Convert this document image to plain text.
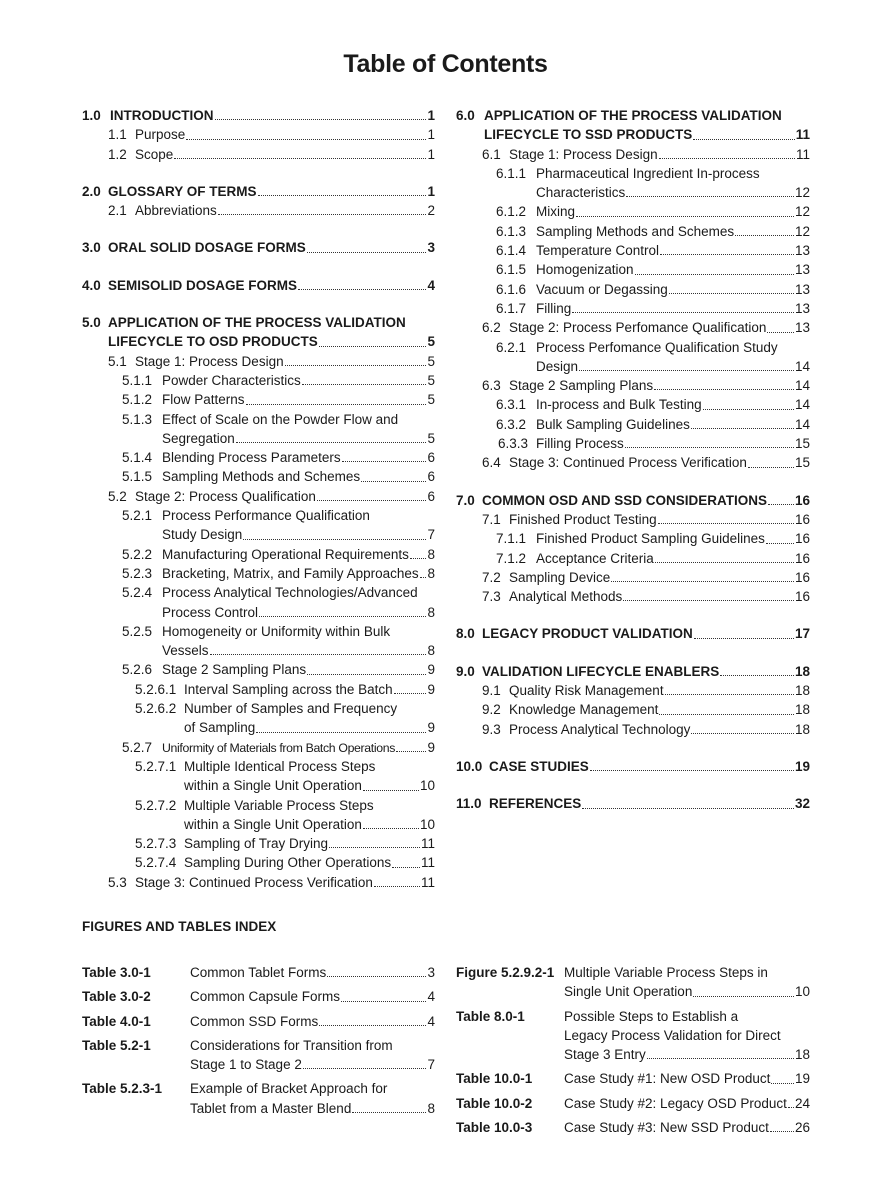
Table of Contents
1.0 INTRODUCTION	1
1.1 Purpose	1
1.2 Scope	1
2.0 GLOSSARY OF TERMS	1
2.1 Abbreviations	2
3.0 ORAL SOLID DOSAGE FORMS	3
4.0 SEMISOLID DOSAGE FORMS	4
5.0 APPLICATION OF THE PROCESS VALIDATION
LIFECYCLE TO OSD PRODUCTS	5
5.1 Stage 1: Process Design	5
5.1.1 Powder Characteristics	5
5.1.2 Flow Patterns	5
5.1.3 Effect of Scale on the Powder Flow and
Segregation	5
5.1.4 Blending Process Parameters	6
5.1.5 Sampling Methods and Schemes	6
5.2 Stage 2: Process Qualification	6
5.2.1 Process Performance Qualification
Study Design	7
5.2.2 Manufacturing Operational Requirements 8
5.2.3 Bracketing, Matrix, and Family Approaches 8
5.2.4 Process Analytical Technologies/Advanced
Process Control	8
5.2.5 Homogeneity or Uniformity within Bulk
Vessels	8
5.2.6 Stage 2 Sampling Plans	9
5.2.6.1 Interval Sampling across the Batch	9
5.2.6.2 Number of Samples and Frequency
of Sampling	9
5.2.7 Uniformity of Materials from Batch Operations 9
5.2.7.1 Multiple Identical Process Steps
within a Single Unit Operation	10
5.2.7.2 Multiple Variable Process Steps
within a Single Unit Operation	10
5.2.7.3 Sampling of Tray Drying	11
5.2.7.4 Sampling During Other Operations 11
5.3 Stage 3: Continued Process Verification	11
6.0 APPLICATION OF THE PROCESS VALIDATION
LIFECYCLE TO SSD PRODUCTS	11
6.1 Stage 1: Process Design	11
6.1.1 Pharmaceutical Ingredient In-process
Characteristics	12
6.1.2 Mixing	12
6.1.3 Sampling Methods and Schemes	12
6.1.4 Temperature Control	13
6.1.5 Homogenization	13
6.1.6 Vacuum or Degassing	13
6.1.7 Filling	13
6.2 Stage 2: Process Perfomance Qualification 13
6.2.1 Process Perfomance Qualification Study
Design	14
6.3 Stage 2 Sampling Plans	14
6.3.1 In-process and Bulk Testing	14
6.3.2 Bulk Sampling Guidelines	14
6.3.3 Filling Process	15
6.4 Stage 3: Continued Process Verification	15
7.0 COMMON OSD AND SSD CONSIDERATIONS 16
7.1 Finished Product Testing	16
7.1.1 Finished Product Sampling Guidelines 16
7.1.2 Acceptance Criteria	16
7.2 Sampling Device	16
7.3 Analytical Methods	16
8.0 LEGACY PRODUCT VALIDATION	17
9.0 VALIDATION LIFECYCLE ENABLERS	18
9.1 Quality Risk Management	18
9.2 Knowledge Management	18
9.3 Process Analytical Technology	18
10.0 CASE STUDIES	19
11.0 REFERENCES	32
FIGURES AND TABLES INDEX
Table 3.0-1	Common Tablet Forms	3
Table 3.0-2	Common Capsule Forms	4
Table 4.0-1	Common SSD Forms	4
Table 5.2-1	Considerations for Transition from
Stage 1 to Stage 2	7
Table 5.2.3-1	Example of Bracket Approach for
Tablet from a Master Blend	8
Figure 5.2.9.2-1 Multiple Variable Process Steps in
Single Unit Operation	10
Table 8.0-1	Possible Steps to Establish a
Legacy Process Validation for Direct
Stage 3 Entry	18
Table 10.0-1	Case Study #1: New OSD Product 19
Table 10.0-2	Case Study #2: Legacy OSD Product 24
Table 10.0-3	Case Study #3: New SSD Product 26
